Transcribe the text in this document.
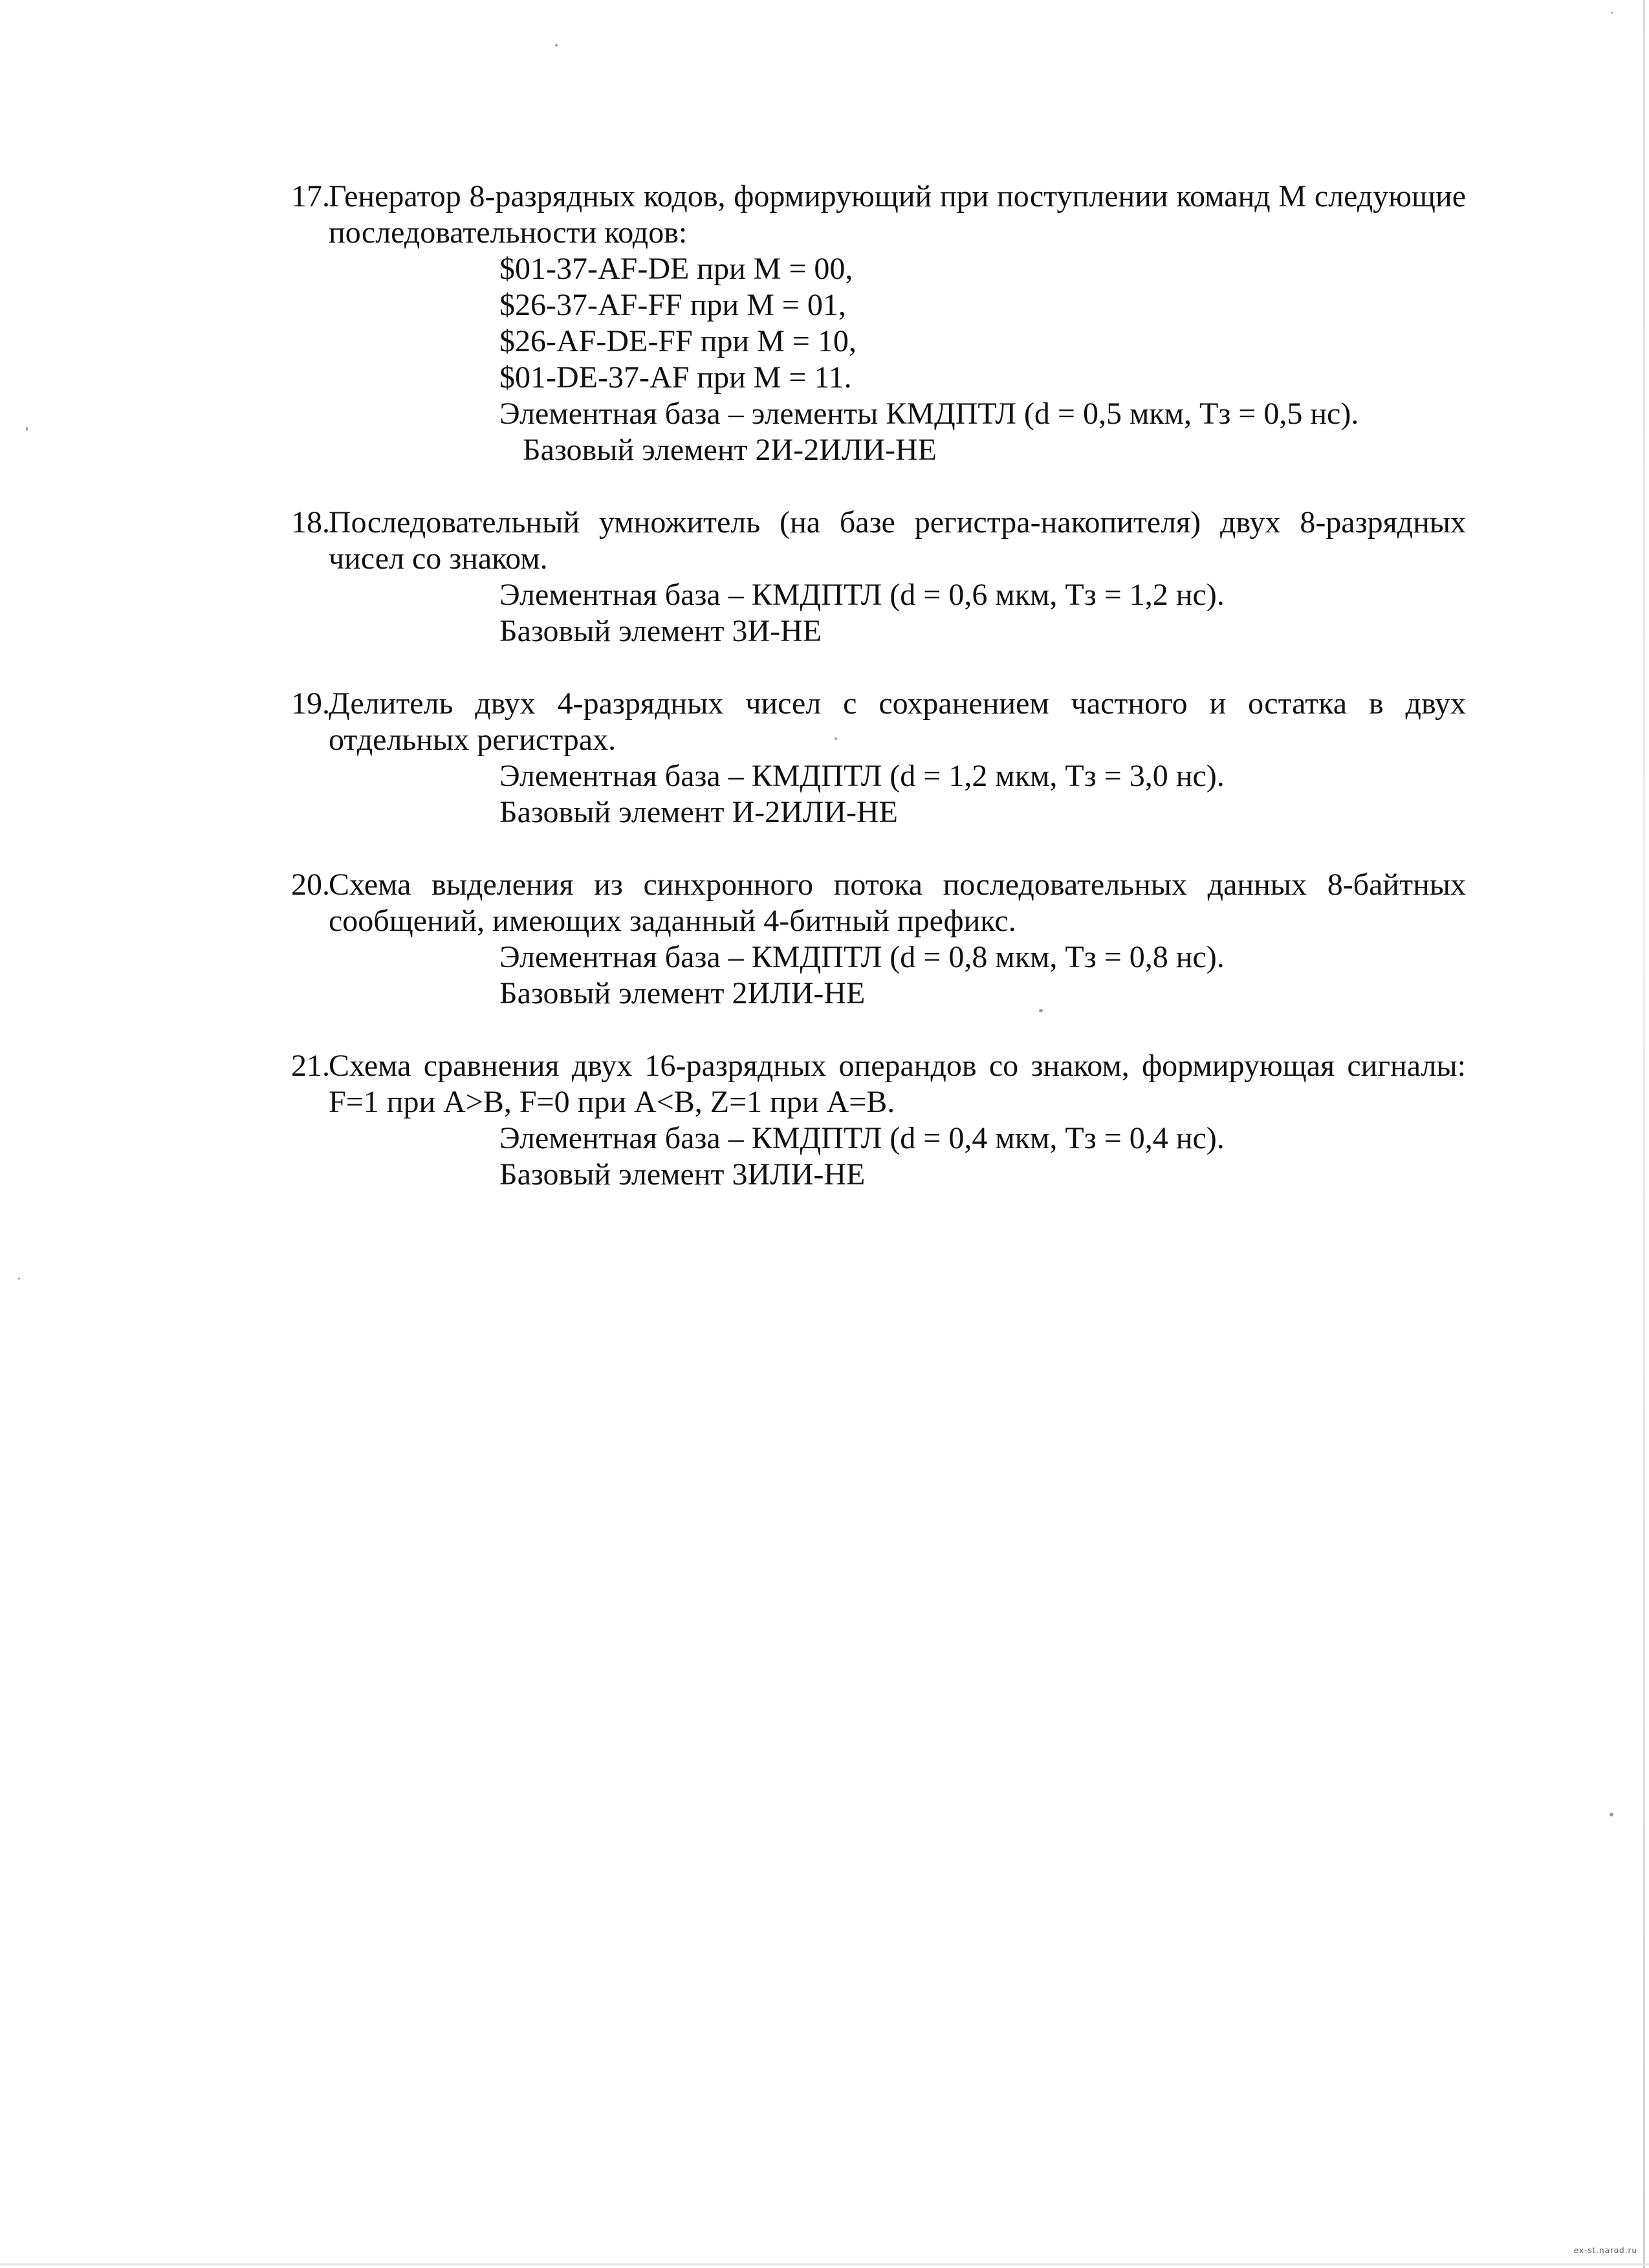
17.
Генератор 8-разрядных кодов, формирующий при поступлении команд М следующие последовательности кодов:
$01-37-AF-DE при М = 00,
$26-37-AF-FF при М = 01,
$26-AF-DE-FF при М = 10,
$01-DE-37-AF при М = 11.
Элементная база – элементы КМДПТЛ (d = 0,5 мкм, Тз = 0,5 нс).
Базовый элемент 2И-2ИЛИ-НЕ
18.
Последовательный умножитель (на базе регистра-накопителя) двух 8-разрядных чисел со знаком.
Элементная база – КМДПТЛ (d = 0,6 мкм, Тз = 1,2 нс).
Базовый элемент 3И-НЕ
19.
Делитель двух 4-разрядных чисел с сохранением частного и остатка в двух отдельных регистрах.
Элементная база – КМДПТЛ (d = 1,2 мкм, Тз = 3,0 нс).
Базовый элемент И-2ИЛИ-НЕ
20.
Схема выделения из синхронного потока последовательных данных 8-байтных сообщений, имеющих заданный 4-битный префикс.
Элементная база – КМДПТЛ (d = 0,8 мкм, Тз = 0,8 нс).
Базовый элемент 2ИЛИ-НЕ
21.
Схема сравнения двух 16-разрядных операндов со знаком, формирующая сигналы: F=1 при A>B, F=0 при A<B, Z=1 при A=B.
Элементная база – КМДПТЛ (d = 0,4 мкм, Тз = 0,4 нс).
Базовый элемент 3ИЛИ-НЕ
ex-st.narod.ru
